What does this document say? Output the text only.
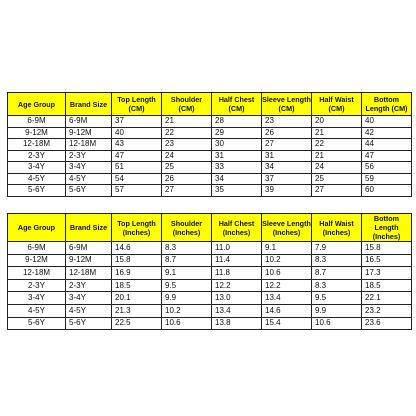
Age Group	Brand Size	Top Length (CM)	Shoulder (CM)	Half Chest (CM)	Sleeve Length (CM)	Half Waist (CM)	Bottom Length (CM)
6-9M	6-9M	37	21	28	23	20	40
9-12M	9-12M	40	22	29	26	21	42
12-18M	12-18M	43	23	30	27	22	44
2-3Y	2-3Y	47	24	31	31	21	47
3-4Y	3-4Y	51	25	33	34	24	56
4-5Y	4-5Y	54	26	34	37	25	59
5-6Y	5-6Y	57	27	35	39	27	60
Age Group	Brand Size	Top Length (Inches)	Shoulder (Inches)	Half Chest (Inches)	Sleeve Length (Inches)	Half Waist (Inches)	Bottom Length (Inches)
6-9M	6-9M	14.6	8.3	11.0	9.1	7.9	15.8
9-12M	9-12M	15.8	8.7	11.4	10.2	8.3	16.5
12-18M	12-18M	16.9	9.1	11.8	10.6	8.7	17.3
2-3Y	2-3Y	18.5	9.5	12.2	12.2	8.3	18.5
3-4Y	3-4Y	20.1	9.9	13.0	13.4	9.5	22.1
4-5Y	4-5Y	21.3	10.2	13.4	14.6	9.9	23.2
5-6Y	5-6Y	22.5	10.6	13.8	15.4	10.6	23.6
